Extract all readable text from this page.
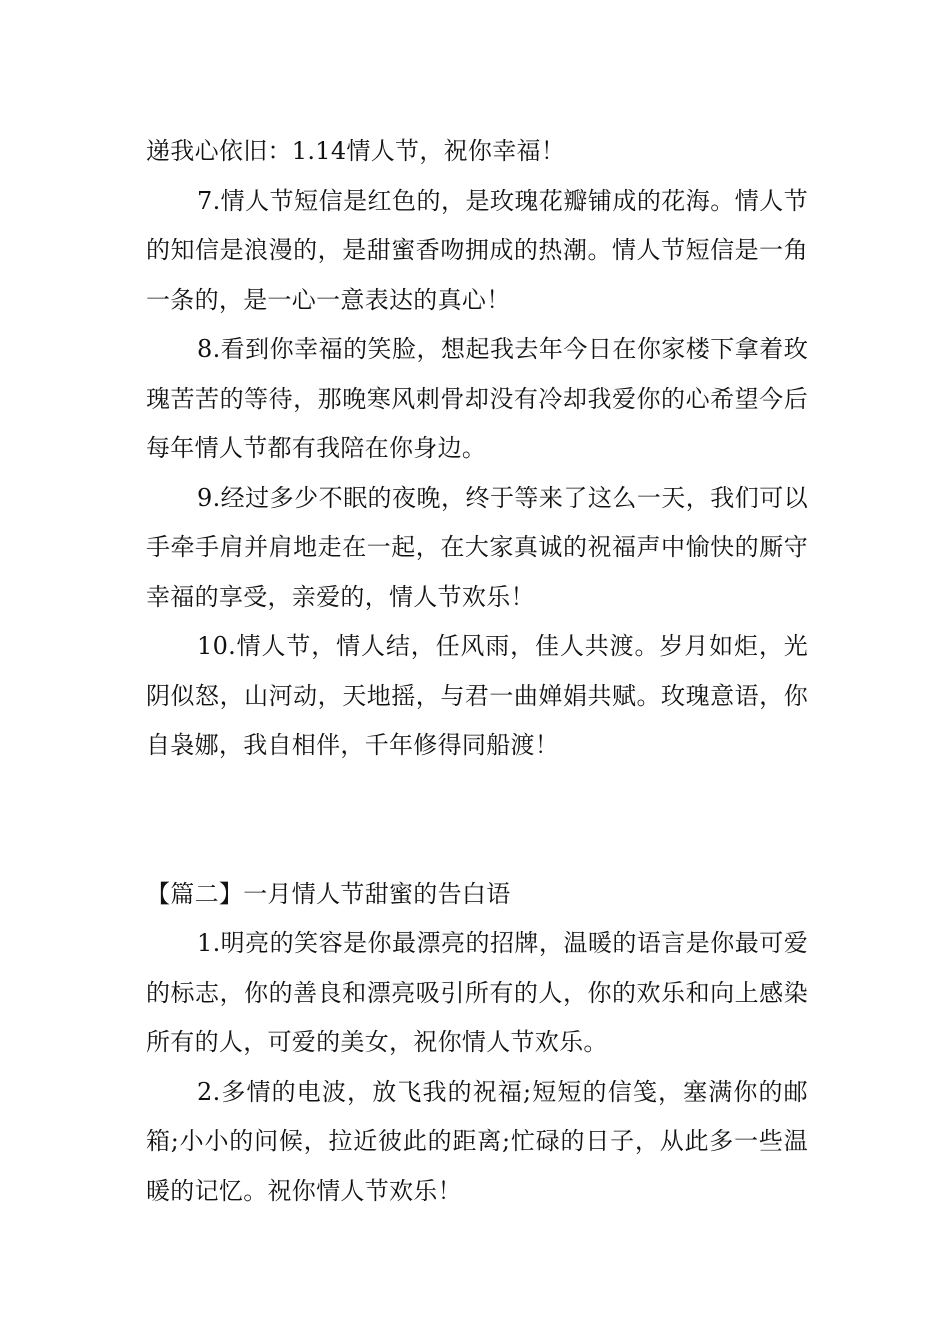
递我心依旧：1.14情人节，祝你幸福！

7.情人节短信是红色的，是玫瑰花瓣铺成的花海。情人节的知信是浪漫的，是甜蜜香吻拥成的热潮。情人节短信是一角一条的，是一心一意表达的真心！

8.看到你幸福的笑脸，想起我去年今日在你家楼下拿着玫瑰苦苦的等待，那晚寒风刺骨却没有冷却我爱你的心希望今后每年情人节都有我陪在你身边。

9.经过多少不眠的夜晚，终于等来了这么一天，我们可以手牵手肩并肩地走在一起，在大家真诚的祝福声中愉快的厮守幸福的享受，亲爱的，情人节欢乐！

10.情人节，情人结，任风雨，佳人共渡。岁月如炬，光阴似怒，山河动，天地摇，与君一曲婵娟共赋。玫瑰意语，你自袅娜，我自相伴，千年修得同船渡！

【篇二】一月情人节甜蜜的告白语

1.明亮的笑容是你最漂亮的招牌，温暖的语言是你最可爱的标志，你的善良和漂亮吸引所有的人，你的欢乐和向上感染所有的人，可爱的美女，祝你情人节欢乐。

2.多情的电波，放飞我的祝福;短短的信笺，塞满你的邮箱;小小的问候，拉近彼此的距离;忙碌的日子，从此多一些温暖的记忆。祝你情人节欢乐！
